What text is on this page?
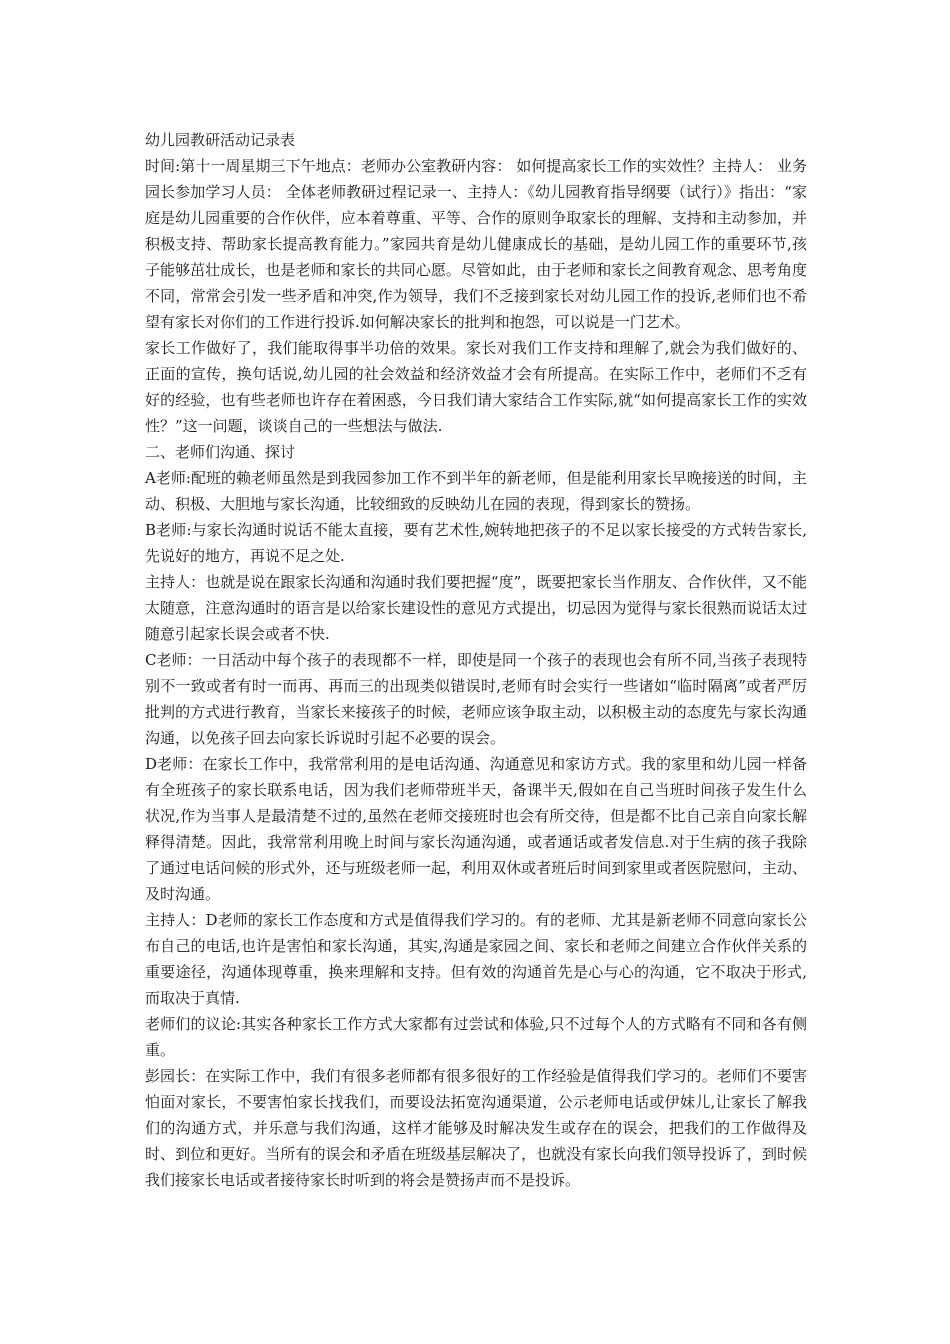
幼儿园教研活动记录表

时间:第十一周星期三下午地点：老师办公室教研内容： 如何提高家长工作的实效性？主持人： 业务园长参加学习人员： 全体老师教研过程记录一、主持人：《幼儿园教育指导纲要（试行）》指出：“家庭是幼儿园重要的合作伙伴，应本着尊重、平等、合作的原则争取家长的理解、支持和主动参加，并积极支持、帮助家长提高教育能力。”家园共育是幼儿健康成长的基础，是幼儿园工作的重要环节,孩子能够茁壮成长，也是老师和家长的共同心愿。尽管如此，由于老师和家长之间教育观念、思考角度不同，常常会引发一些矛盾和冲突,作为领导，我们不乏接到家长对幼儿园工作的投诉,老师们也不希望有家长对你们的工作进行投诉.如何解决家长的批判和抱怨，可以说是一门艺术。

家长工作做好了，我们能取得事半功倍的效果。家长对我们工作支持和理解了,就会为我们做好的、正面的宣传，换句话说,幼儿园的社会效益和经济效益才会有所提高。在实际工作中，老师们不乏有好的经验，也有些老师也许存在着困惑，今日我们请大家结合工作实际,就“如何提高家长工作的实效性？”这一问题，谈谈自己的一些想法与做法.

二、老师们沟通、探讨

A老师:配班的赖老师虽然是到我园参加工作不到半年的新老师，但是能利用家长早晚接送的时间，主动、积极、大胆地与家长沟通，比较细致的反映幼儿在园的表现，得到家长的赞扬。

B老师:与家长沟通时说话不能太直接，要有艺术性,婉转地把孩子的不足以家长接受的方式转告家长,先说好的地方，再说不足之处.

主持人：也就是说在跟家长沟通和沟通时我们要把握“度”，既要把家长当作朋友、合作伙伴，又不能太随意，注意沟通时的语言是以给家长建设性的意见方式提出，切忌因为觉得与家长很熟而说话太过随意引起家长误会或者不快.

C老师：一日活动中每个孩子的表现都不一样，即使是同一个孩子的表现也会有所不同,当孩子表现特别不一致或者有时一而再、再而三的出现类似错误时,老师有时会实行一些诸如“临时隔离”或者严厉批判的方式进行教育，当家长来接孩子的时候，老师应该争取主动，以积极主动的态度先与家长沟通沟通，以免孩子回去向家长诉说时引起不必要的误会。

D老师：在家长工作中，我常常利用的是电话沟通、沟通意见和家访方式。我的家里和幼儿园一样备有全班孩子的家长联系电话，因为我们老师带班半天，备课半天,假如在自己当班时间孩子发生什么状况,作为当事人是最清楚不过的,虽然在老师交接班时也会有所交待，但是都不比自己亲自向家长解释得清楚。因此，我常常利用晚上时间与家长沟通沟通，或者通话或者发信息.对于生病的孩子我除了通过电话问候的形式外，还与班级老师一起，利用双休或者班后时间到家里或者医院慰问，主动、及时沟通。

主持人：D老师的家长工作态度和方式是值得我们学习的。有的老师、尤其是新老师不同意向家长公布自己的电话,也许是害怕和家长沟通，其实,沟通是家园之间、家长和老师之间建立合作伙伴关系的重要途径，沟通体现尊重，换来理解和支持。但有效的沟通首先是心与心的沟通，它不取决于形式,而取决于真情.

老师们的议论:其实各种家长工作方式大家都有过尝试和体验,只不过每个人的方式略有不同和各有侧重。

彭园长：在实际工作中，我们有很多老师都有很多很好的工作经验是值得我们学习的。老师们不要害怕面对家长，不要害怕家长找我们，而要设法拓宽沟通渠道，公示老师电话或伊妹儿,让家长了解我们的沟通方式，并乐意与我们沟通，这样才能够及时解决发生或存在的误会，把我们的工作做得及时、到位和更好。当所有的误会和矛盾在班级基层解决了，也就没有家长向我们领导投诉了，到时候我们接家长电话或者接待家长时听到的将会是赞扬声而不是投诉。
